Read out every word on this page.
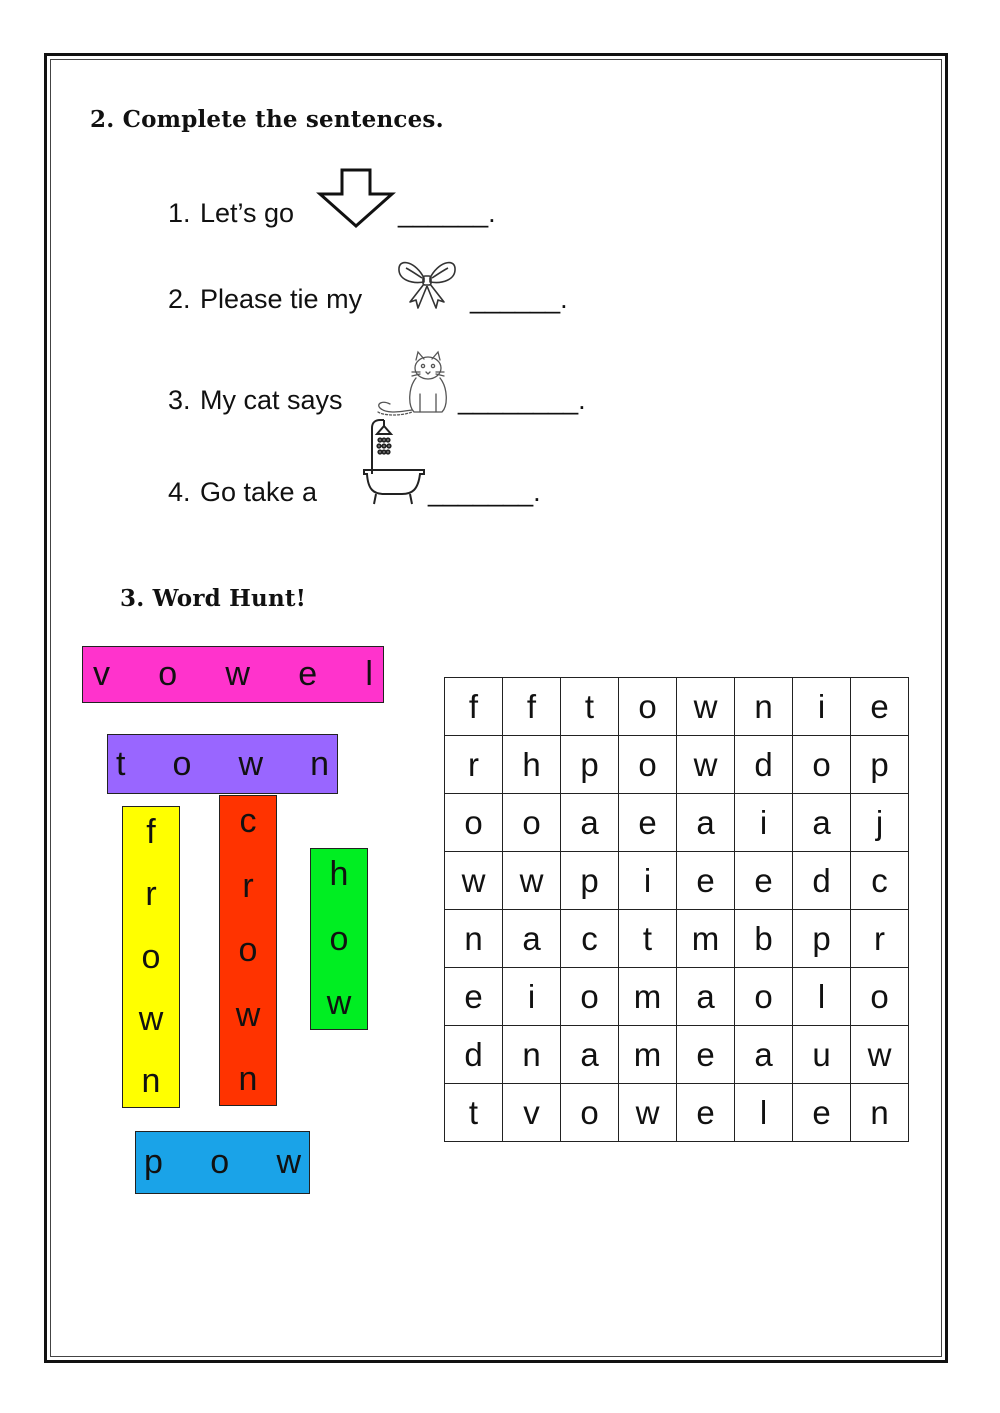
2. Complete the sentences.
1. Let’s go	______.
2. Please tie my	______.
3. My cat says	________.
4. Go take a	_______.
3. Word Hunt!
v o w e l
t o w n
f
r
o
w
n
c
r
o
w
n
h
o
w
p o w
f	f	t	o	w	n	i	e
r	h	p	o	w	d	o	p
o	o	a	e	a	i	a	j
w	w	p	i	e	e	d	c
n	a	c	t	m	b	p	r
e	i	o	m	a	o	l	o
d	n	a	m	e	a	u	w
t	v	o	w	e	l	e	n
